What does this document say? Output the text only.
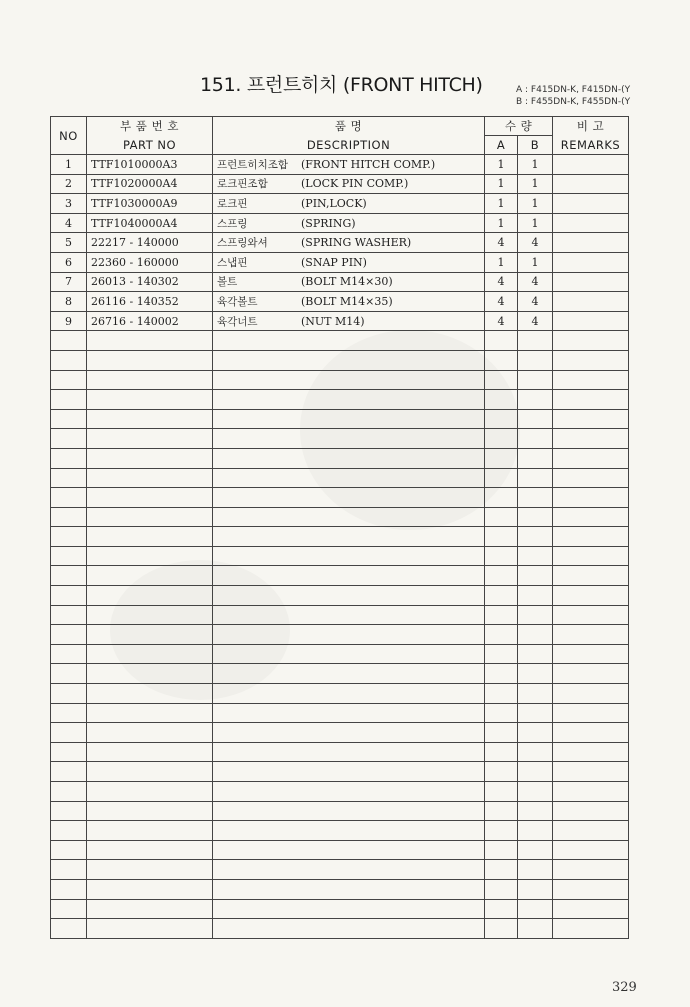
151. 프런트히치 (FRONT HITCH)	A : F415DN-K, F415DN-(Y
B : F455DN-K, F455DN-(Y
NO	부 품 번 호	품 명	수 량		비 고
	PART NO	DESCRIPTION	A	B	REMARKS
1	TTF1010000A3	프런트히치조합 (FRONT HITCH COMP.)	1	1	
2	TTF1020000A4	로크핀조합 (LOCK PIN COMP.)	1	1	
3	TTF1030000A9	로크핀 (PIN,LOCK)	1	1	
4	TTF1040000A4	스프링 (SPRING)	1	1	
5	22217 - 140000	스프링와셔 (SPRING WASHER)	4	4	
6	22360 - 160000	스냅핀 (SNAP PIN)	1	1	
7	26013 - 140302	볼트 (BOLT M14×30)	4	4	
8	26116 - 140352	육각볼트 (BOLT M14×35)	4	4	
9	26716 - 140002	육각너트 (NUT M14)	4	4	

329
